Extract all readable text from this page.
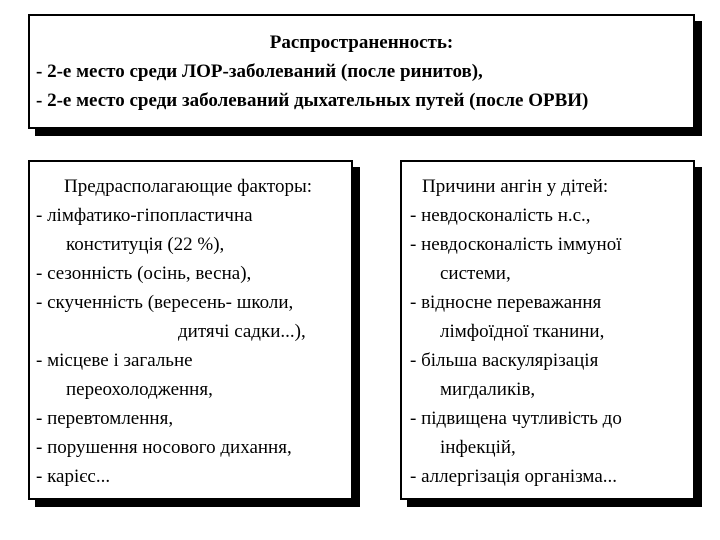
Распространенность:
- 2-е место среди ЛОР-заболеваний (после ринитов),
- 2-е место среди заболеваний дыхательных путей (после ОРВИ)
Предрасполагающие факторы:
- лімфатико-гіпопластична
конституція (22 %),
- сезонність (осінь, весна),
- скученність (вересень- школи,
дитячі садки...),
- місцеве і загальне
переохолодження,
- перевтомлення,
- порушення носового дихання,
- карієс...
Причини ангін у дітей:
- невдосконалість н.с.,
- невдосконалість іммуної
системи,
- відносне переважання
лімфоїдної тканини,
- більша васкулярізація
мигдаликів,
- підвищена чутливість до
інфекцій,
- аллергізація організма...
